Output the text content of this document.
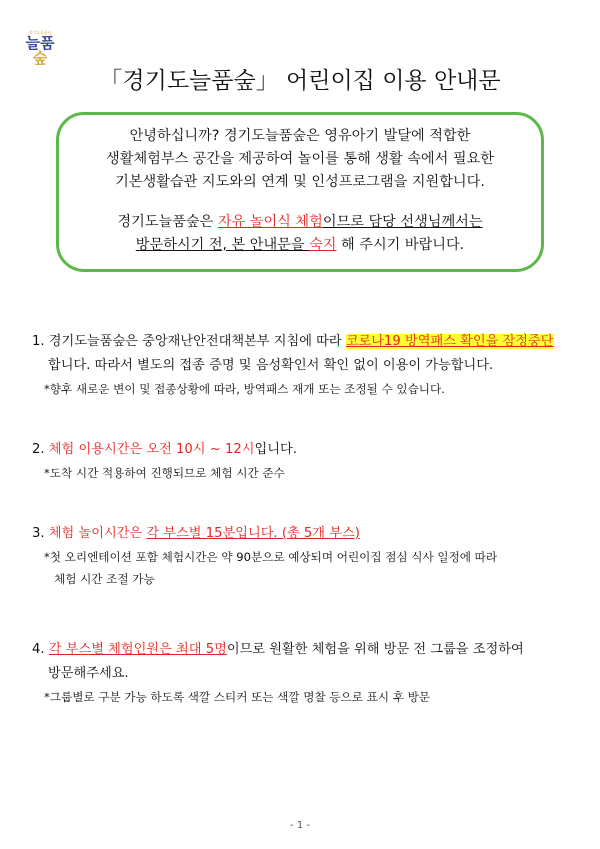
경기도늘품숲
늘품
숲
「경기도늘품숲」 어린이집 이용 안내문

안녕하십니까? 경기도늘품숲은 영유아기 발달에 적합한

생활체험부스 공간을 제공하여 놀이를 통해 생활 속에서 필요한

기본생활습관 지도와의 연계 및 인성프로그램을 지원합니다.

경기도늘품숲은 자유 놀이식 체험이므로 담당 선생님께서는

방문하시기 전, 본 안내문을 숙지 해 주시기 바랍니다.

1. 경기도늘품숲은 중앙재난안전대책본부 지침에 따라 코로나19 방역패스 확인을 잠정중단
합니다. 따라서 별도의 접종 증명 및 음성확인서 확인 없이 이용이 가능합니다.
*향후 새로운 변이 및 접종상황에 따라, 방역패스 재개 또는 조정될 수 있습니다.
2. 체험 이용시간은 오전 10시 ~ 12시입니다.
*도착 시간 적용하여 진행되므로 체험 시간 준수
3. 체험 놀이시간은 각 부스별 15분입니다. (총 5개 부스)
*첫 오리엔테이션 포함 체험시간은 약 90분으로 예상되며 어린이집 점심 식사 일정에 따라
체험 시간 조절 가능
4. 각 부스별 체험인원은 최대 5명이므로 원활한 체험을 위해 방문 전 그룹을 조정하여
방문해주세요.
*그룹별로 구분 가능 하도록 색깔 스티커 또는 색깔 명찰 등으로 표시 후 방문
- 1 -
